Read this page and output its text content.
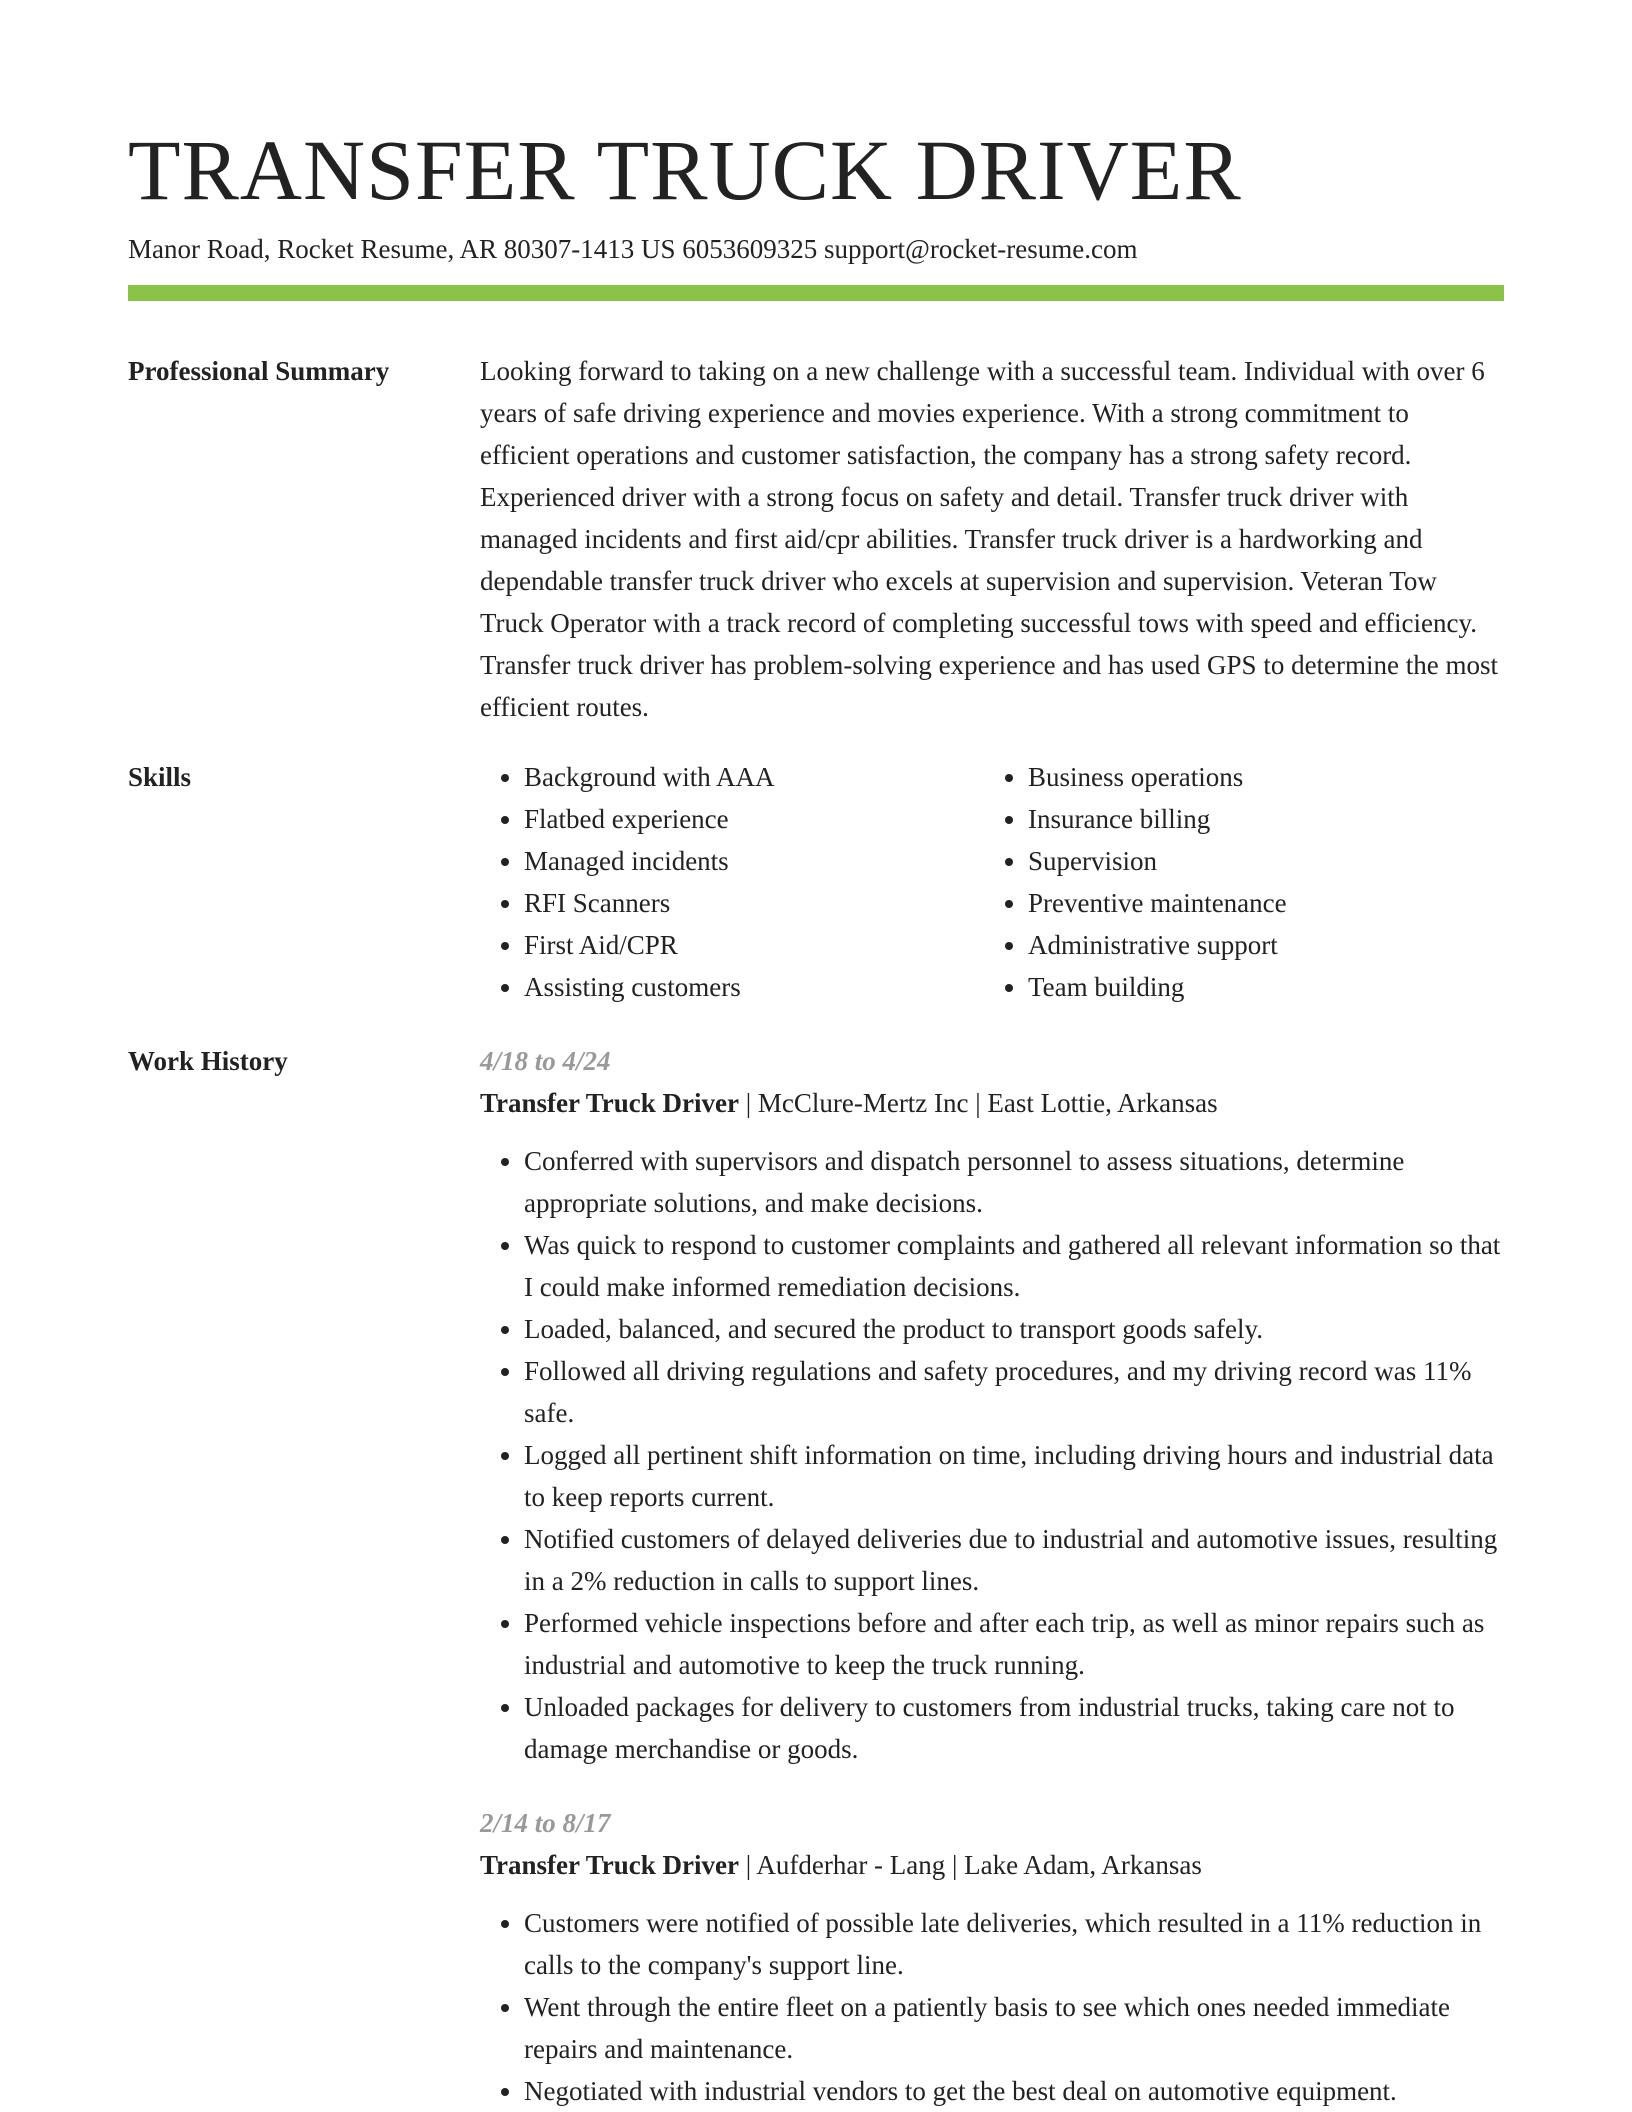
TRANSFER TRUCK DRIVER

Manor Road, Rocket Resume, AR 80307-1413 US 6053609325 support@rocket-resume.com

Professional Summary	Looking forward to taking on a new challenge with a successful team. Individual with over 6 years of safe driving experience and movies experience. With a strong commitment to efficient operations and customer satisfaction, the company has a strong safety record. Experienced driver with a strong focus on safety and detail. Transfer truck driver with managed incidents and first aid/cpr abilities. Transfer truck driver is a hardworking and dependable transfer truck driver who excels at supervision and supervision. Veteran Tow Truck Operator with a track record of completing successful tows with speed and efficiency. Transfer truck driver has problem-solving experience and has used GPS to determine the most efficient routes.

Skills
•	Background with AAA
• Flatbed experience
• Managed incidents
• RFI Scanners
• First Aid/CPR
• Assisting customers
• Business operations
• Insurance billing
• Supervision
• Preventive maintenance
• Administrative support
• Team building
Work History	4/18 to 4/24
Transfer Truck Driver | McClure-Mertz Inc | East Lottie, Arkansas
• Conferred with supervisors and dispatch personnel to assess situations, determine appropriate solutions, and make decisions.
• Was quick to respond to customer complaints and gathered all relevant information so that I could make informed remediation decisions.
• Loaded, balanced, and secured the product to transport goods safely.
• Followed all driving regulations and safety procedures, and my driving record was 11% safe.
• Logged all pertinent shift information on time, including driving hours and industrial data to keep reports current.
• Notified customers of delayed deliveries due to industrial and automotive issues, resulting in a 2% reduction in calls to support lines.
• Performed vehicle inspections before and after each trip, as well as minor repairs such as industrial and automotive to keep the truck running.
• Unloaded packages for delivery to customers from industrial trucks, taking care not to damage merchandise or goods.
2/14 to 8/17
Transfer Truck Driver | Aufderhar - Lang | Lake Adam, Arkansas
• Customers were notified of possible late deliveries, which resulted in a 11% reduction in calls to the company's support line.
• Went through the entire fleet on a patiently basis to see which ones needed immediate repairs and maintenance.
• Negotiated with industrial vendors to get the best deal on automotive equipment.
